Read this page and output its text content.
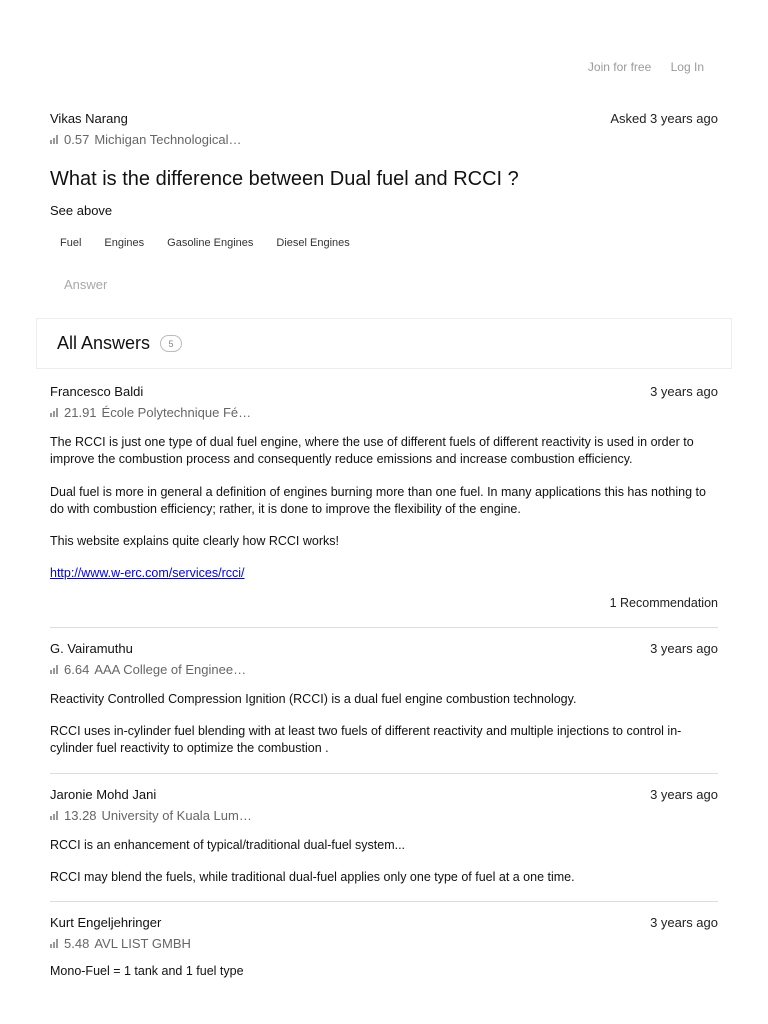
Join for free Log In
Vikas Narang	Asked 3 years ago
0.57 Michigan Technological…
What is the difference between Dual fuel and RCCI ?
See above
Fuel Engines Gasoline Engines Diesel Engines
Answer
All Answers	5
Francesco Baldi	3 years ago
21.91 École Polytechnique Fé…

The RCCI is just one type of dual fuel engine, where the use of different fuels of different reactivity is used in order to improve the combustion process and consequently reduce emissions and increase combustion efficiency.

Dual fuel is more in general a definition of engines burning more than one fuel. In many applications this has nothing to do with combustion efficiency; rather, it is done to improve the flexibility of the engine.

This website explains quite clearly how RCCI works!

http://www.w-erc.com/services/rcci/

1 Recommendation
G. Vairamuthu	3 years ago
6.64 AAA College of Enginee…

Reactivity Controlled Compression Ignition (RCCI) is a dual fuel engine combustion technology.

RCCI uses in-cylinder fuel blending with at least two fuels of different reactivity and multiple injections to control in-cylinder fuel reactivity to optimize the combustion .

Jaronie Mohd Jani	3 years ago
13.28 University of Kuala Lum…

RCCI is an enhancement of typical/traditional dual-fuel system...

RCCI may blend the fuels, while traditional dual-fuel applies only one type of fuel at a one time.

Kurt Engeljehringer	3 years ago
5.48 AVL LIST GMBH

Mono-Fuel = 1 tank and 1 fuel type
